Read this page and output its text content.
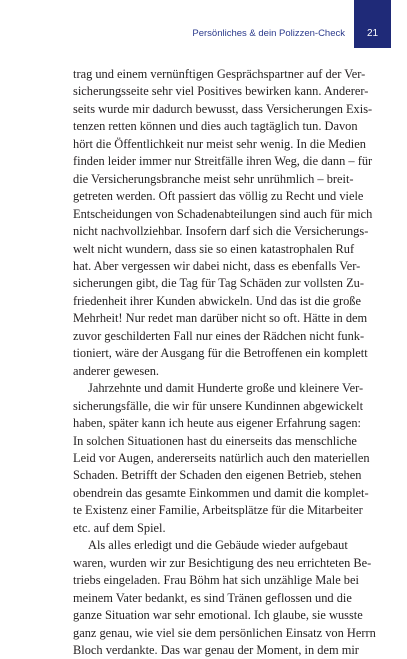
Persönliches & dein Polizzen-Check	21

trag und einem vernünftigen Gesprächspartner auf der Ver-
sicherungsseite sehr viel Positives bewirken kann. Anderer-
seits wurde mir dadurch bewusst, dass Versicherungen Exis-
tenzen retten können und dies auch tagtäglich tun. Davon
hört die Öffentlichkeit nur meist sehr wenig. In die Medien
finden leider immer nur Streitfälle ihren Weg, die dann – für
die Versicherungsbranche meist sehr unrühmlich – breit-
getreten werden. Oft passiert das völlig zu Recht und viele
Entscheidungen von Schadenabteilungen sind auch für mich
nicht nachvollziehbar. Insofern darf sich die Versicherungs-
welt nicht wundern, dass sie so einen katastrophalen Ruf
hat. Aber vergessen wir dabei nicht, dass es ebenfalls Ver-
sicherungen gibt, die Tag für Tag Schäden zur vollsten Zu-
friedenheit ihrer Kunden abwickeln. Und das ist die große
Mehrheit! Nur redet man darüber nicht so oft. Hätte in dem
zuvor geschilderten Fall nur eines der Rädchen nicht funk-
tioniert, wäre der Ausgang für die Betroffenen ein komplett
anderer gewesen.

Jahrzehnte und damit Hunderte große und kleinere Ver-
sicherungsfälle, die wir für unsere Kundinnen abgewickelt
haben, später kann ich heute aus eigener Erfahrung sagen:
In solchen Situationen hast du einerseits das menschliche
Leid vor Augen, andererseits natürlich auch den materiellen
Schaden. Betrifft der Schaden den eigenen Betrieb, stehen
obendrein das gesamte Einkommen und damit die komplet-
te Existenz einer Familie, Arbeitsplätze für die Mitarbeiter
etc. auf dem Spiel.

Als alles erledigt und die Gebäude wieder aufgebaut
waren, wurden wir zur Besichtigung des neu errichteten Be-
triebs eingeladen. Frau Böhm hat sich unzählige Male bei
meinem Vater bedankt, es sind Tränen geflossen und die
ganze Situation war sehr emotional. Ich glaube, sie wusste
ganz genau, wie viel sie dem persönlichen Einsatz von Herrn
Bloch verdankte. Das war genau der Moment, in dem mir
